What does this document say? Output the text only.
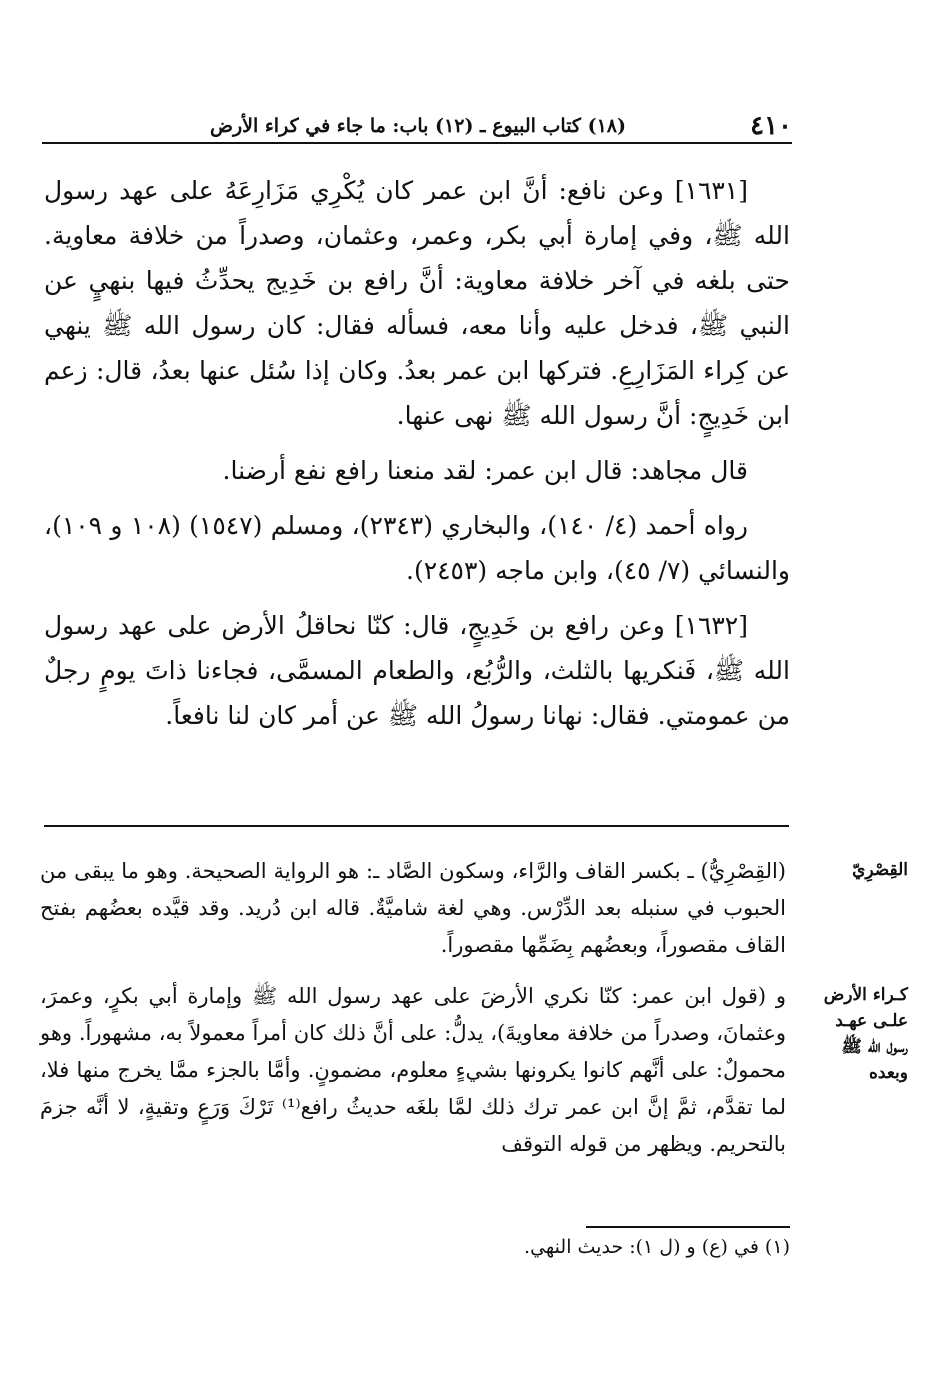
٤١٠
(١٨) كتاب البيوع ـ (١٢) باب: ما جاء في كراء الأرض

[١٦٣١] وعن نافع: أنَّ ابن عمر كان يُكْرِي مَزَارِعَهُ على عهد رسول الله ﷺ، وفي إمارة أبي بكر، وعمر، وعثمان، وصدراً من خلافة معاوية. حتى بلغه في آخر خلافة معاوية: أنَّ رافع بن خَدِيج يحدِّثُ فيها بنهيٍ عن النبي ﷺ، فدخل عليه وأنا معه، فسأله فقال: كان رسول الله ﷺ ينهي عن كِراء المَزَارِعِ. فتركها ابن عمر بعدُ. وكان إذا سُئل عنها بعدُ، قال: زعم ابن خَدِيجٍ: أنَّ رسول الله ﷺ نهى عنها.

قال مجاهد: قال ابن عمر: لقد منعنا رافع نفع أرضنا.

رواه أحمد (٤/ ١٤٠)، والبخاري (٢٣٤٣)، ومسلم (١٥٤٧) (١٠٨ و ١٠٩)، والنسائي (٧/ ٤٥)، وابن ماجه (٢٤٥٣).

[١٦٣٢] وعن رافع بن خَدِيجٍ، قال: كنّا نحاقلُ الأرض على عهد رسول الله ﷺ، فَنكريها بالثلث، والرُّبُع، والطعام المسمَّى، فجاءنا ذاتَ يومٍ رجلٌ من عمومتي. فقال: نهانا رسولُ الله ﷺ عن أمر كان لنا نافعاً.

القِصْرِيّ
(القِصْرِيُّ) ـ بكسر القاف والرَّاء، وسكون الصَّاد ـ: هو الرواية الصحيحة. وهو ما يبقى من الحبوب في سنبله بعد الدِّرْس. وهي لغة شاميَّةٌ. قاله ابن دُريد. وقد قيَّده بعضُهم بفتح القاف مقصوراً، وبعضُهم بِضَمِّها مقصوراً.
كـراء الأرض
علـى عهـد
رسول الله ﷺ
وبعده
و (قول ابن عمر: كنّا نكري الأرضَ على عهد رسول الله ﷺ وإمارة أبي بكرٍ، وعمرَ، وعثمانَ، وصدراً من خلافة معاويةَ)، يدلُّ: على أنَّ ذلك كان أمراً معمولاً به، مشهوراً. وهو محمولٌ: على أنَّهم كانوا يكرونها بشيءٍ معلوم، مضمونٍ. وأمَّا بالجزء ممَّا يخرج منها فلا، لما تقدَّم، ثمَّ إنَّ ابن عمر ترك ذلك لمَّا بلغَه حديثُ رافع⁽¹⁾ تَرْكَ وَرَعٍ وتقيةٍ، لا أنَّه جزمَ بالتحريم. ويظهر من قوله التوقف
(١) في (ع) و (ل ١): حديث النهي.
